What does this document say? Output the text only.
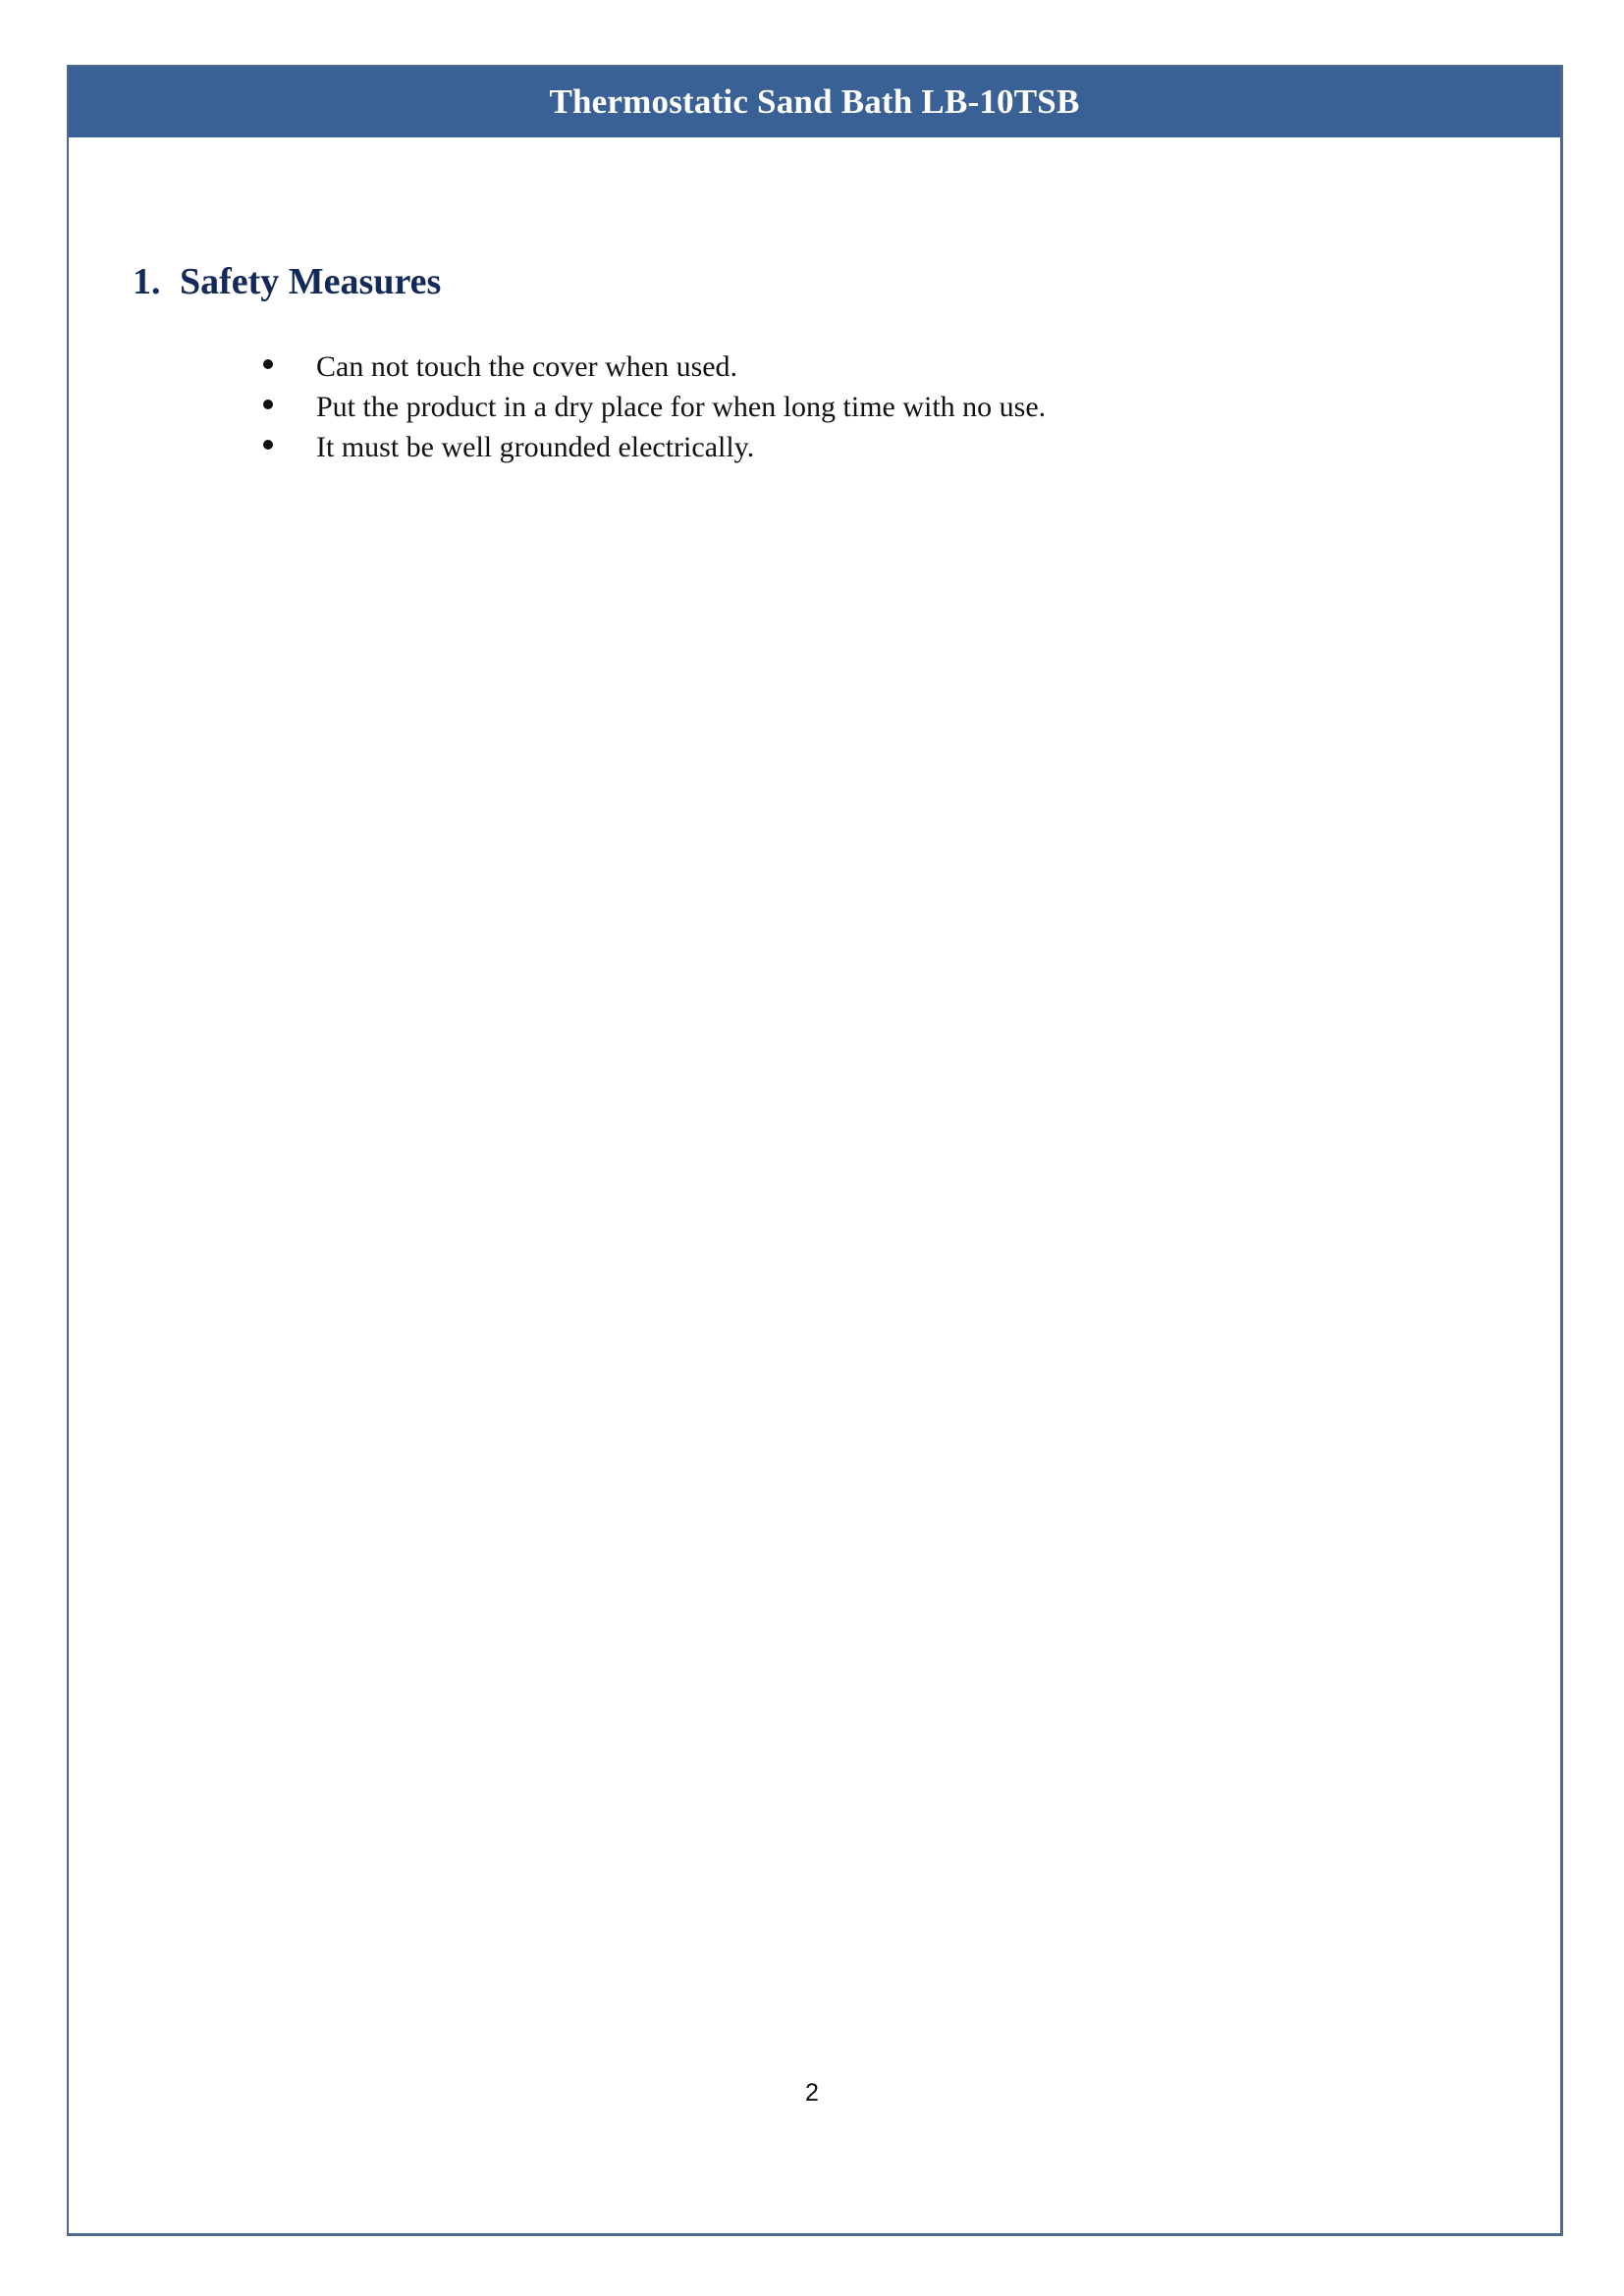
Thermostatic Sand Bath LB-10TSB
1. Safety Measures
Can not touch the cover when used.
Put the product in a dry place for when long time with no use.
It must be well grounded electrically.
2
